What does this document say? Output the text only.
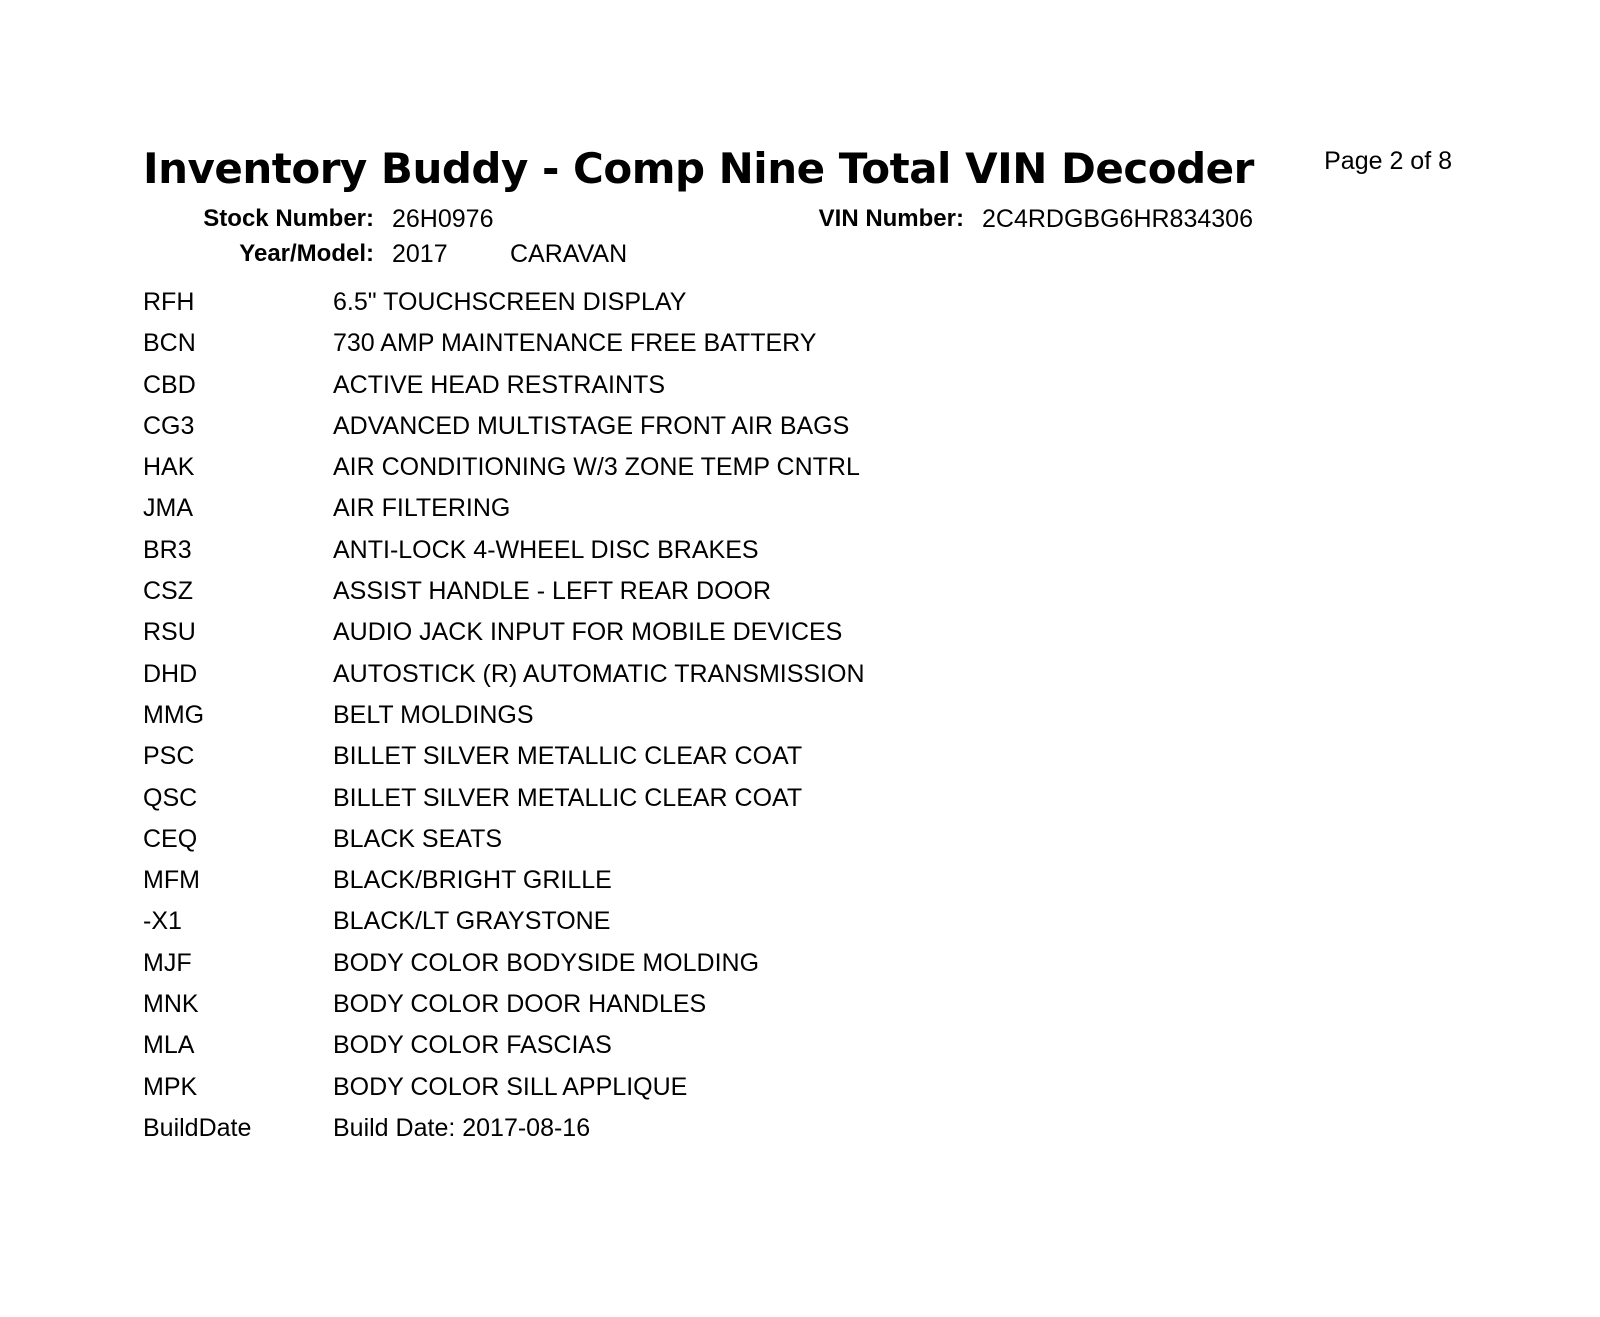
Inventory Buddy - Comp Nine Total VIN Decoder	Page 2 of 8
Stock Number: 26H0976	VIN Number: 2C4RDGBG6HR834306
Year/Model: 2017 CARAVAN
RFH	6.5" TOUCHSCREEN DISPLAY
BCN	730 AMP MAINTENANCE FREE BATTERY
CBD	ACTIVE HEAD RESTRAINTS
CG3	ADVANCED MULTISTAGE FRONT AIR BAGS
HAK	AIR CONDITIONING W/3 ZONE TEMP CNTRL
JMA	AIR FILTERING
BR3	ANTI-LOCK 4-WHEEL DISC BRAKES
CSZ	ASSIST HANDLE - LEFT REAR DOOR
RSU	AUDIO JACK INPUT FOR MOBILE DEVICES
DHD	AUTOSTICK (R) AUTOMATIC TRANSMISSION
MMG	BELT MOLDINGS
PSC	BILLET SILVER METALLIC CLEAR COAT
QSC	BILLET SILVER METALLIC CLEAR COAT
CEQ	BLACK SEATS
MFM	BLACK/BRIGHT GRILLE
-X1	BLACK/LT GRAYSTONE
MJF	BODY COLOR BODYSIDE MOLDING
MNK	BODY COLOR DOOR HANDLES
MLA	BODY COLOR FASCIAS
MPK	BODY COLOR SILL APPLIQUE
BuildDate	Build Date: 2017-08-16
